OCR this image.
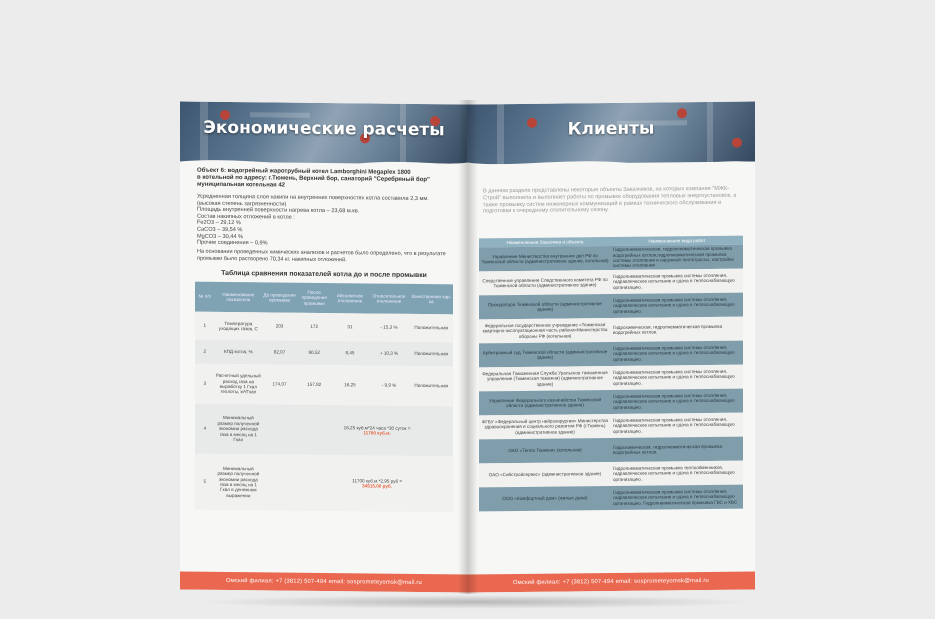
Экономические расчеты
Объект 6: водогрейный жаротрубный котел Lamborghini Megaplex 1800
в котельной по адресу: г.Тюмень, Верхний бор, санаторий "Серебряный бор"
муниципальная котельная 42
Усредненная толщина слоя накипи на внутренних поверхностях котла составила 2,3 мм.
(высокая степень загрязненности)
Площадь внутренней поверхности нагрева котла – 23,68 м.кв.
Состав накипных отложений в котле :
Fe2O3 – 29,12 %
CaCO3 – 39,54 %
MgCO3 – 30,44 %
Прочие соединения – 0,9%
На основании проведенных химических анализов и расчетов было определено, что в результате промывки было растворено 70,34 кг. накипных отложений.
Таблица сравнения показателей котла до и после промывки
№ п/п	Наименование показателя	До проведения промывки	После проведения промывки	Абсолютное отклонение	Относительное отклонение	Качественная хар-ка
1	Температура уходящих газов, С	203	172	31	- 15,3 %	Положительная
2	КПД котла, %	82,07	90,52	8,45	+ 10,3 %	Положительная
3	Расчетный удельный расход газа на выработку 1 Гкал теплоты, м³/Гкал	174,07	157,82	16,25	- 9,9 %	Положительная
4	Минимальный размер полученной экономии расхода газа в месяц на 1 Гкал	16,25 куб.м*24 часа *30 суток =
11700 куб.м.				

5	Минимальный размер полученной экономии расхода газа в месяц на 1 Гкал в денежном выражении	11700 куб.м.*2,95 руб =
34515,00 руб.				
Омский филиал: +7 (3812) 507-494 email: sosprometeyomsk@mail.ru
Клиенты
В данном разделе представлены некоторые объекты Заказчиков, на которых компания "МЖК-Строй" выполнила и выполняет работы по промывке оборудования тепловых энергоустановок, а также промывку систем инженерных коммуникаций в рамках технического обслуживания и подготовки к очередному отопительному сезону.
Наименование Заказчика и объекта	Наименование вида работ
Управление Министерства внутренних дел РФ по Тюменской области (административное здание, котельная)	Гидропневматическая, гидропневматическая промывка водогрейных котлов,гидропневматическая промывка системы отопления и наружной теплотрассы, настройка системы отопления
Следственное управление Следственного комитета РФ по Тюменской области (административное здание)	Гидропневматическая промывка системы отопления, гидравлическое испытание и сдача в теплоснабжающую организацию.
Прокуратура Тюменской области (административное здание)	Гидропневматическая промывка системы отопления, гидравлическое испытание и сдача в теплоснабжающую организацию.
Федеральное государственное учреждение «Тюменская квартирно-эксплуатационная часть района»Министерства обороны РФ (котельная)	Гидрохимическая, гидропневматическая промывка водогрейных котлов.
Арбитражный суд Тюменской области (административное здание)	Гидропневматическая промывка системы отопления, гидравлическое испытание и сдача в теплоснабжающую организацию.
Федеральная Таможенная Служба Уральское таможенное управление (Тюменская таможня) (административное здание)	Гидропневматическая промывка системы отопления, гидравлическое испытание и сдача в теплоснабжающую организацию.
Управление Федерального казначейства Тюменской области (административное здание)	Гидропневматическая промывка системы отопления, гидравлическое испытание и сдача в теплоснабжающую организацию.
ФГБУ «Федеральный центр нейрохирургии» Министерства здравоохранения и социального развития РФ (г.Тюмень) (административное здание)	Гидропневматическая промывка системы отопления, гидравлическое испытание и сдача в теплоснабжающую организацию.
ОАО «Тепло Тюмени» (котельная)	Гидрохимическая, гидропневматическая промывка водогрейных котлов.
ОАО «Сибстройсервис» (административное здание)	Гидропневматическая промывка теплообменников, гидравлическое испытание и сдача в теплоснабжающую организацию.
ООО «Комфортный дом» (жилые дома)	Гидропневматическая промывка системы отопления, гидравлическое испытание и сдача в теплоснабжающую организацию. Гидропневматическая промывка ГВС и ХВС
Омский филиал: +7 (3812) 507-494 email: sosprometeyomsk@mail.ru
